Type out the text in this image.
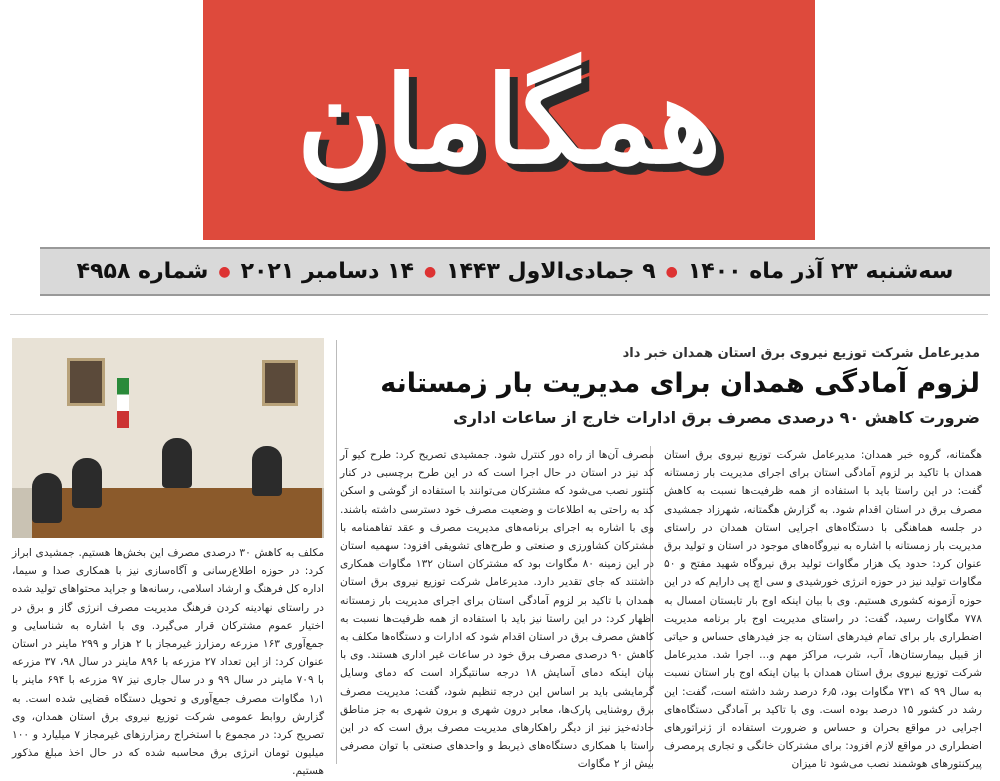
همگامان
سه‌شنبه ۲۳ آذر ماه ۱۴۰۰
●
۹ جمادی‌الاول ۱۴۴۳
●
۱۴ دسامبر ۲۰۲۱
●
شماره ۴۹۵۸
مدیرعامل شرکت توزیع نیروی برق استان همدان خبر داد
لزوم آمادگی همدان برای مدیریت بار زمستانه
ضرورت کاهش ۹۰ درصدی مصرف برق ادارات خارج از ساعات اداری

هگمتانه، گروه خبر همدان: مدیرعامل شرکت توزیع نیروی برق استان همدان با تاکید بر لزوم آمادگی استان برای اجرای مدیریت بار زمستانه گفت: در این راستا باید با استفاده از همه ظرفیت‌ها نسبت به کاهش مصرف برق در استان اقدام شود. به گزارش هگمتانه، شهرزاد جمشیدی در جلسه هماهنگی با دستگاه‌های اجرایی استان همدان در راستای مدیریت بار زمستانه با اشاره به نیروگاه‌های موجود در استان و تولید برق عنوان کرد: حدود یک هزار مگاوات تولید برق نیروگاه شهید مفتح و ۵۰ مگاوات تولید نیز در حوزه انرژی خورشیدی و سی اچ پی دارایم که در این حوزه آزمونه کشوری هستیم. وی با بیان اینکه اوج بار تابستان امسال به ۷۷۸ مگاوات رسید، گفت: در راستای مدیریت اوج بار برنامه مدیریت اضطراری بار برای تمام فیدرهای استان به جز فیدرهای حساس و حیاتی از قبیل بیمارستان‌ها، آب، شرب، مراکز مهم و... اجرا شد. مدیرعامل شرکت توزیع نیروی برق استان همدان با بیان اینکه اوج بار استان نسبت به سال ۹۹ که ۷۳۱ مگاوات بود، ۶٫۵ درصد رشد داشته است، گفت: این رشد در کشور ۱۵ درصد بوده است. وی با تاکید بر آمادگی دستگاه‌های اجرایی در مواقع بحران و حساس و ضرورت استفاده از ژنراتورهای اضطراری در مواقع لازم افزود: برای مشترکان خانگی و تجاری پرمصرف پیرکنتورهای هوشمند نصب می‌شود تا میزان

مصرف آن‌ها از راه دور کنترل شود. جمشیدی تصریح کرد: طرح کیو آر کد نیز در استان در حال اجرا است که در این طرح برچسبی در کنار کنتور نصب می‌شود که مشترکان می‌توانند با استفاده از گوشی و اسکن کد به راحتی به اطلاعات و وضعیت مصرف خود دسترسی داشته باشند. وی با اشاره به اجرای برنامه‌های مدیریت مصرف و عقد تفاهمنامه با مشترکان کشاورزی و صنعتی و طرح‌های تشویقی افزود: سهمیه استان در این زمینه ۸۰ مگاوات بود که مشترکان استان ۱۳۲ مگاوات همکاری داشتند که جای تقدیر دارد. مدیرعامل شرکت توزیع نیروی برق استان همدان با تاکید بر لزوم آمادگی استان برای اجرای مدیریت بار زمستانه اظهار کرد: در این راستا نیز باید با استفاده از همه ظرفیت‌ها نسبت به کاهش مصرف برق در استان اقدام شود که ادارات و دستگاه‌ها مکلف به کاهش ۹۰ درصدی مصرف برق خود در ساعات غیر اداری هستند. وی با بیان اینکه دمای آسایش ۱۸ درجه سانتیگراد است که دمای وسایل گرمایشی باید بر اساس این درجه تنظیم شود، گفت: مدیریت مصرف برق روشنایی پارک‌ها، معابر درون شهری و برون شهری به جز مناطق حادثه‌خیز نیز از دیگر راهکارهای مدیریت مصرف برق است که در این راستا با همکاری دستگاه‌های ذیربط و واحدهای صنعتی با توان مصرفی بیش از ۲ مگاوات

مکلف به کاهش ۳۰ درصدی مصرف این بخش‌ها هستیم. جمشیدی ابراز کرد: در حوزه اطلاع‌رسانی و آگاه‌سازی نیز با همکاری صدا و سیما، اداره کل فرهنگ و ارشاد اسلامی، رسانه‌ها و جراید محتواهای تولید شده در راستای نهادینه کردن فرهنگ مدیریت مصرف انرژی گاز و برق در اختیار عموم مشترکان قرار می‌گیرد. وی با اشاره به شناسایی و جمع‌آوری ۱۶۳ مزرعه رمزارز غیرمجاز با ۲ هزار و ۲۹۹ ماینر در استان عنوان کرد: از این تعداد ۲۷ مزرعه با ۸۹۶ ماینر در سال ۹۸، ۳۷ مزرعه با ۷۰۹ ماینر در سال ۹۹ و در سال جاری نیز ۹۷ مزرعه با ۶۹۴ ماینر با ۱٫۱ مگاوات مصرف جمع‌آوری و تحویل دستگاه قضایی شده است. به گزارش روابط عمومی شرکت توزیع نیروی برق استان همدان، وی تصریح کرد: در مجموع با استخراج رمزارزهای غیرمجاز ۷ میلیارد و ۱۰۰ میلیون تومان انرژی برق محاسبه شده که در حال اخذ مبلغ مذکور هستیم.
